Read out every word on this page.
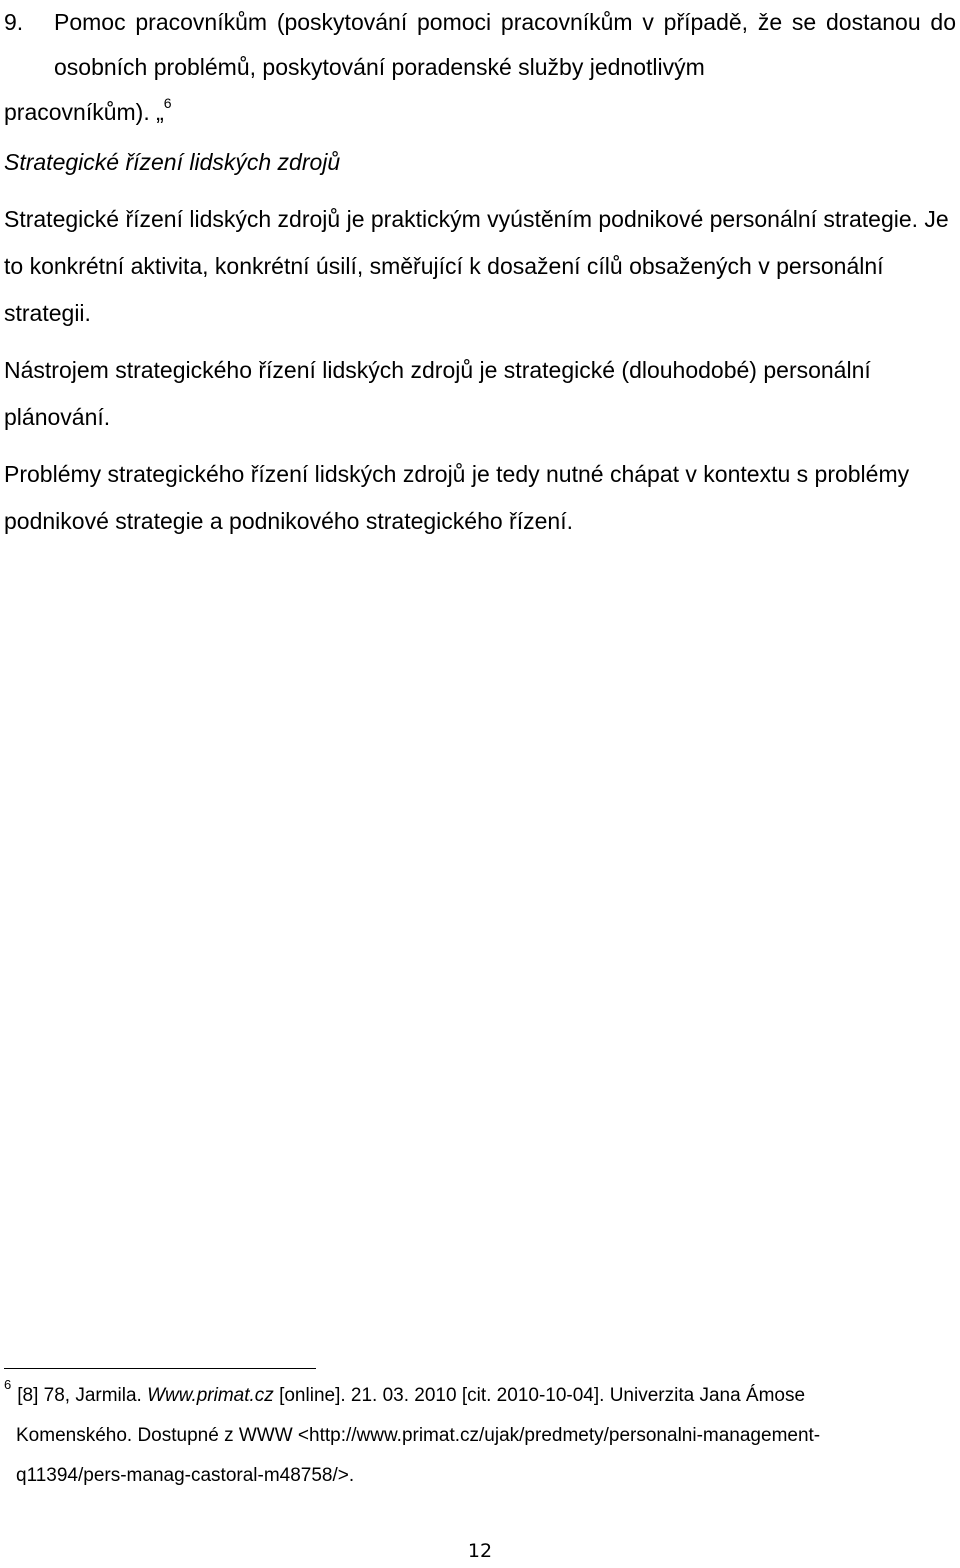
9. Pomoc pracovníkům (poskytování pomoci pracovníkům v případě, že se dostanou do osobních problémů, poskytování poradenské služby jednotlivým
pracovníkům). „$^6$
Strategické řízení lidských zdrojů

Strategické řízení lidských zdrojů je praktickým vyústěním podnikové personální strategie. Je to konkrétní aktivita, konkrétní úsilí, směřující k dosažení cílů obsažených v personální strategii.

Nástrojem strategického řízení lidských zdrojů je strategické (dlouhodobé) personální plánování.

Problémy strategického řízení lidských zdrojů je tedy nutné chápat v kontextu s problémy podnikové strategie a podnikového strategického řízení.

$^6$[8] 78, Jarmila. Www.primat.cz [online]. 21. 03. 2010 [cit. 2010-10-04]. Univerzita Jana Ámose
Komenského. Dostupné z WWW <http://www.primat.cz/ujak/predmety/personalni-management-
q11394/pers-manag-castoral-m48758/>.
12
